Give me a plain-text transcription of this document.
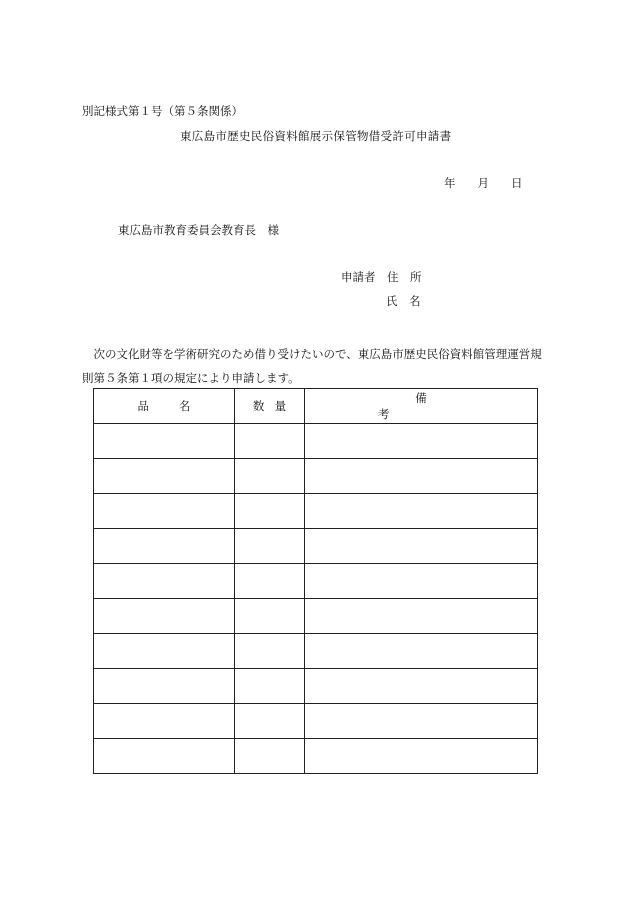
別記様式第１号（第５条関係）
東広島市歴史民俗資料館展示保管物借受許可申請書
年 月 日
東広島市教育委員会教育長　様
申請者　住　所
氏　名
次の文化財等を学術研究のため借り受けたいので、東広島市歴史民俗資料館管理運営規則第５条第１項の規定により申請します。
品名	数量	備考
